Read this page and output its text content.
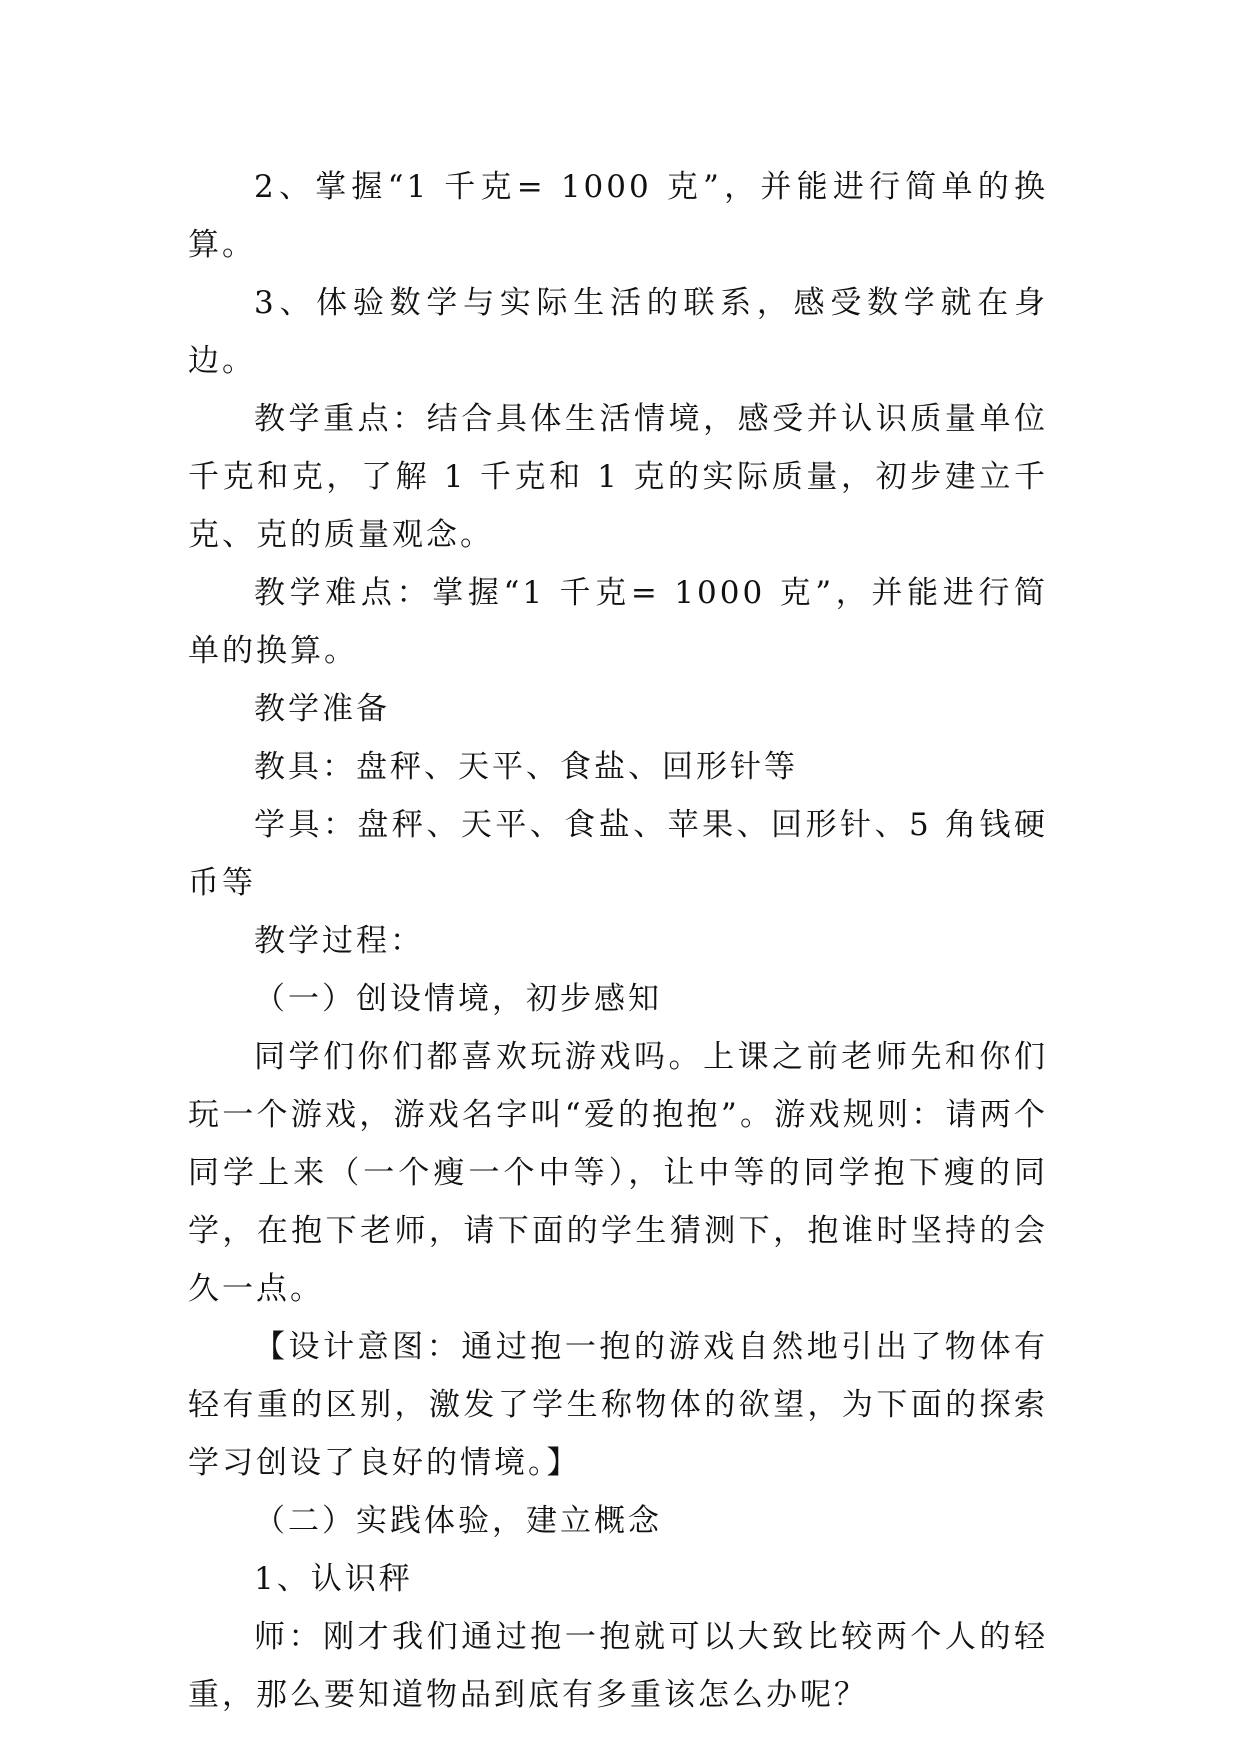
2、掌握“1 千克= 1000 克”，并能进行简单的换算。

3、体验数学与实际生活的联系，感受数学就在身边。

教学重点：结合具体生活情境，感受并认识质量单位千克和克，了解 1 千克和 1 克的实际质量，初步建立千克、克的质量观念。

教学难点：掌握“1 千克= 1000 克”，并能进行简单的换算。

教学准备

教具：盘秤、天平、食盐、回形针等

学具：盘秤、天平、食盐、苹果、回形针、5 角钱硬币等

教学过程：

（一）创设情境，初步感知

同学们你们都喜欢玩游戏吗。上课之前老师先和你们玩一个游戏，游戏名字叫“爱的抱抱”。游戏规则：请两个同学上来（一个瘦一个中等），让中等的同学抱下瘦的同学，在抱下老师，请下面的学生猜测下，抱谁时坚持的会久一点。

【设计意图：通过抱一抱的游戏自然地引出了物体有轻有重的区别，激发了学生称物体的欲望，为下面的探索学习创设了良好的情境。】

（二）实践体验，建立概念

1、认识秤

师：刚才我们通过抱一抱就可以大致比较两个人的轻重，那么要知道物品到底有多重该怎么办呢？
